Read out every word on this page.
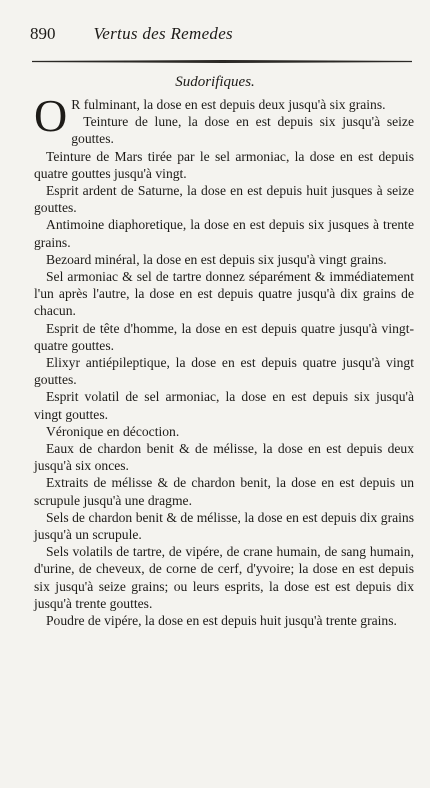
890 Vertus des Remedes
Sudorifiques.

O R fulminant, la dose en est depuis deux jusqu'à six grains.

Teinture de lune, la dose en est depuis six jusqu'à seize gouttes.

Teinture de Mars tirée par le sel armoniac, la dose en est depuis quatre gouttes jusqu'à vingt.

Esprit ardent de Saturne, la dose en est depuis huit jusques à seize gouttes.

Antimoine diaphoretique, la dose en est depuis six jusques à trente grains.

Bezoard minéral, la dose en est depuis six jusqu'à vingt grains.

Sel armoniac & sel de tartre donnez séparément & immédiatement l'un après l'autre, la dose en est depuis quatre jusqu'à dix grains de chacun.

Esprit de tête d'homme, la dose en est depuis quatre jusqu'à vingt-quatre gouttes.

Elixyr antiépileptique, la dose en est depuis quatre jusqu'à vingt gouttes.

Esprit volatil de sel armoniac, la dose en est depuis six jusqu'à vingt gouttes.

Véronique en décoction.

Eaux de chardon benit & de mélisse, la dose en est depuis deux jusqu'à six onces.

Extraits de mélisse & de chardon benit, la dose en est depuis un scrupule jusqu'à une dragme.

Sels de chardon benit & de mélisse, la dose en est depuis dix grains jusqu'à un scrupule.

Sels volatils de tartre, de vipére, de crane humain, de sang humain, d'urine, de cheveux, de corne de cerf, d'yvoire; la dose en est depuis six jusqu'à seize grains; ou leurs esprits, la dose est est depuis dix jusqu'à trente gouttes.

Poudre de vipére, la dose en est depuis huit jusqu'à trente grains.
